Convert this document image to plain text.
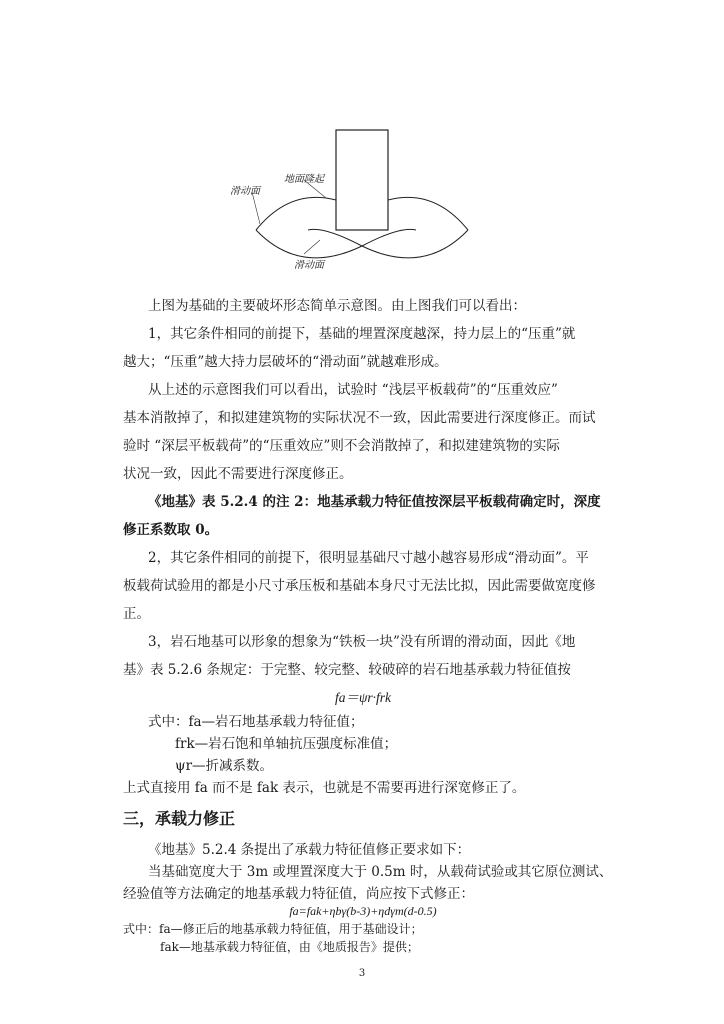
滑动面
地面隆起
滑动面
上图为基础的主要破坏形态简单示意图。由上图我们可以看出：
1，其它条件相同的前提下，基础的埋置深度越深，持力层上的“压重”就
越大；“压重”越大持力层破坏的“滑动面”就越难形成。
从上述的示意图我们可以看出，试验时 “浅层平板载荷”的“压重效应”
基本消散掉了，和拟建建筑物的实际状况不一致，因此需要进行深度修正。而试
验时 “深层平板载荷”的“压重效应”则不会消散掉了，和拟建建筑物的实际
状况一致，因此不需要进行深度修正。
《地基》表 5.2.4 的注 2：地基承载力特征值按深层平板载荷确定时，深度
修正系数取 0。
2，其它条件相同的前提下，很明显基础尺寸越小越容易形成“滑动面”。平
板载荷试验用的都是小尺寸承压板和基础本身尺寸无法比拟，因此需要做宽度修
正。
3，岩石地基可以形象的想象为“铁板一块”没有所谓的滑动面，因此《地
基》表 5.2.6 条规定：于完整、较完整、较破碎的岩石地基承载力特征值按
fa＝ψr·frk
式中：fa—岩石地基承载力特征值；
frk—岩石饱和单轴抗压强度标准值；
ψr—折减系数。
上式直接用 fa 而不是 fak 表示，也就是不需要再进行深宽修正了。
三，承载力修正
《地基》5.2.4 条提出了承载力特征值修正要求如下：
当基础宽度大于 3m 或埋置深度大于 0.5m 时，从载荷试验或其它原位测试、
经验值等方法确定的地基承载力特征值，尚应按下式修正：
fa=fak+ηbγ(b-3)+ηdγm(d-0.5)
式中：fa—修正后的地基承载力特征值，用于基础设计；
fak—地基承载力特征值，由《地质报告》提供；
3
